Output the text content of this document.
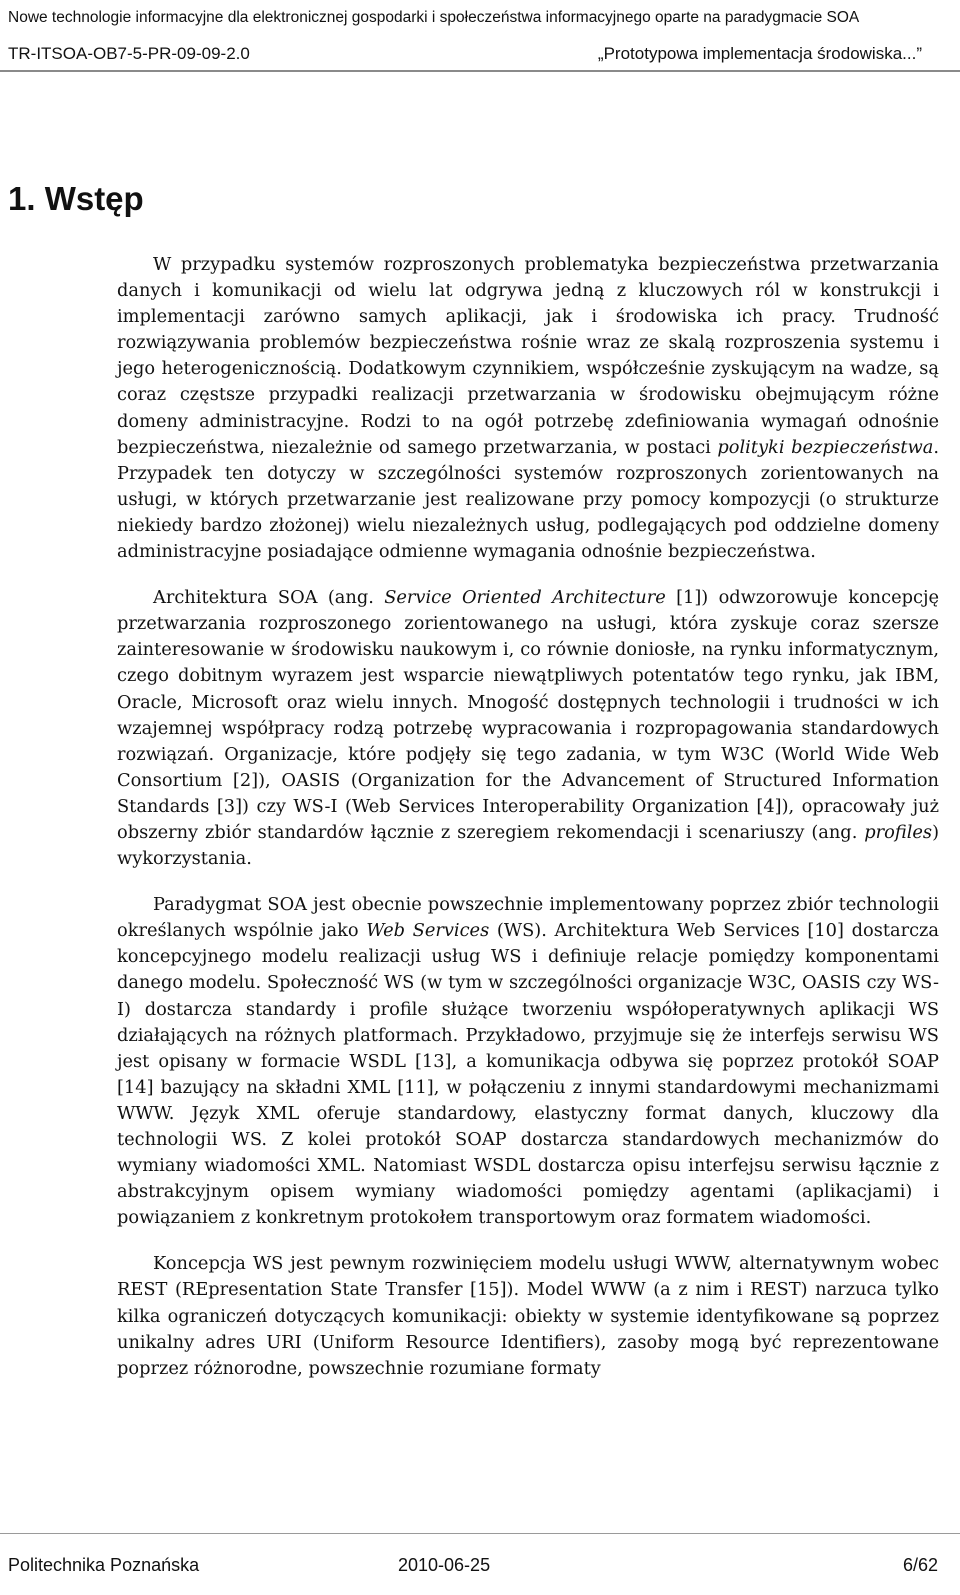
Nowe technologie informacyjne dla elektronicznej gospodarki i społeczeństwa informacyjnego oparte na paradygmacie SOA
TR-ITSOA-OB7-5-PR-09-09-2.0	„Prototypowa implementacja środowiska...”
1. Wstęp

W przypadku systemów rozproszonych problematyka bezpieczeństwa przetwarzania danych i komunikacji od wielu lat odgrywa jedną z kluczowych ról w konstrukcji i implementacji zarówno samych aplikacji, jak i środowiska ich pracy. Trudność rozwiązywania problemów bezpieczeństwa rośnie wraz ze skalą rozproszenia systemu i jego heterogenicznością. Dodatkowym czynnikiem, współcześnie zyskującym na wadze, są coraz częstsze przypadki realizacji przetwarzania w środowisku obejmującym różne domeny administracyjne. Rodzi to na ogół potrzebę zdefiniowania wymagań odnośnie bezpieczeństwa, niezależnie od samego przetwarzania, w postaci polityki bezpieczeństwa. Przypadek ten dotyczy w szczególności systemów rozproszonych zorientowanych na usługi, w których przetwarzanie jest realizowane przy pomocy kompozycji (o strukturze niekiedy bardzo złożonej) wielu niezależnych usług, podlegających pod oddzielne domeny administracyjne posiadające odmienne wymagania odnośnie bezpieczeństwa.

Architektura SOA (ang. Service Oriented Architecture [1]) odwzorowuje koncepcję przetwarzania rozproszonego zorientowanego na usługi, która zyskuje coraz szersze zainteresowanie w środowisku naukowym i, co równie doniosłe, na rynku informatycznym, czego dobitnym wyrazem jest wsparcie niewątpliwych potentatów tego rynku, jak IBM, Oracle, Microsoft oraz wielu innych. Mnogość dostępnych technologii i trudności w ich wzajemnej współpracy rodzą potrzebę wypracowania i rozpropagowania standardowych rozwiązań. Organizacje, które podjęły się tego zadania, w tym W3C (World Wide Web Consortium [2]), OASIS (Organization for the Advancement of Structured Information Standards [3]) czy WS-I (Web Services Interoperability Organization [4]), opracowały już obszerny zbiór standardów łącznie z szeregiem rekomendacji i scenariuszy (ang. profiles) wykorzystania.

Paradygmat SOA jest obecnie powszechnie implementowany poprzez zbiór technologii określanych wspólnie jako Web Services (WS). Architektura Web Services [10] dostarcza koncepcyjnego modelu realizacji usług WS i definiuje relacje pomiędzy komponentami danego modelu. Społeczność WS (w tym w szczególności organizacje W3C, OASIS czy WS-I) dostarcza standardy i profile służące tworzeniu współoperatywnych aplikacji WS działających na różnych platformach. Przykładowo, przyjmuje się że interfejs serwisu WS jest opisany w formacie WSDL [13], a komunikacja odbywa się poprzez protokół SOAP [14] bazujący na składni XML [11], w połączeniu z innymi standardowymi mechanizmami WWW. Język XML oferuje standardowy, elastyczny format danych, kluczowy dla technologii WS. Z kolei protokół SOAP dostarcza standardowych mechanizmów do wymiany wiadomości XML. Natomiast WSDL dostarcza opisu interfejsu serwisu łącznie z abstrakcyjnym opisem wymiany wiadomości pomiędzy agentami (aplikacjami) i powiązaniem z konkretnym protokołem transportowym oraz formatem wiadomości.

Koncepcja WS jest pewnym rozwinięciem modelu usługi WWW, alternatywnym wobec REST (REpresentation State Transfer [15]). Model WWW (a z nim i REST) narzuca tylko kilka ograniczeń dotyczących komunikacji: obiekty w systemie identyfikowane są poprzez unikalny adres URI (Uniform Resource Identifiers), zasoby mogą być reprezentowane poprzez różnorodne, powszechnie rozumiane formaty

Politechnika Poznańska	2010-06-25	6/62
